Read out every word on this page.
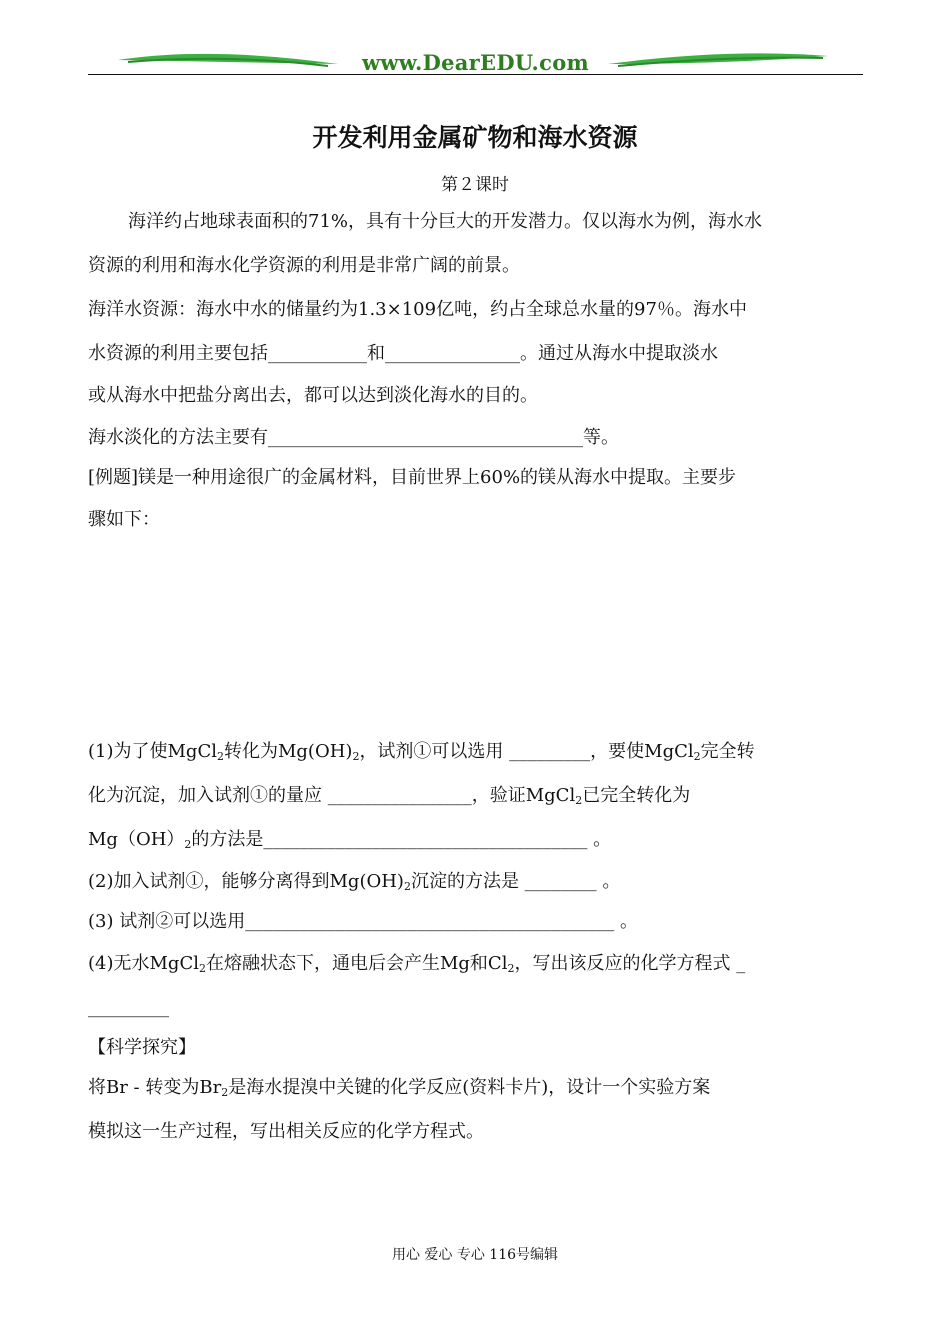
www.DearEDU.com
开发利用金属矿物和海水资源
第２课时
海洋约占地球表面积的71%，具有十分巨大的开发潜力。仅以海水为例，海水水
资源的利用和海水化学资源的利用是非常广阔的前景。
海洋水资源：海水中水的储量约为1.3×109亿吨，约占全球总水量的97％。海水中
水资源的利用主要包括___________和_______________。通过从海水中提取淡水
或从海水中把盐分离出去，都可以达到淡化海水的目的。
海水淡化的方法主要有___________________________________等。
[例题]镁是一种用途很广的金属材料，目前世界上60%的镁从海水中提取。主要步
骤如下：
(1)为了使MgCl$_2$转化为$Mg(OH)_2$，试剂①可以选用 _________，要使MgCl$_2$完全转
化为沉淀，加入试剂①的量应 ________________，验证MgCl$_2$已完全转化为
$Mg(OH)_2$的方法是____________________________________ 。
(2)加入试剂①，能够分离得到$Mg(OH)_2$沉淀的方法是 ________ 。
(3) 试剂②可以选用_________________________________________ 。
(4)无水MgCl$_2$在熔融状态下，通电后会产生Mg和$Cl_2$，写出该反应的化学方程式 _
_________
【科学探究】
将Br - 转变为$Br_2$是海水提溴中关键的化学反应(资料卡片)，设计一个实验方案
模拟这一生产过程，写出相关反应的化学方程式。
用心 爱心 专心 116号编辑
